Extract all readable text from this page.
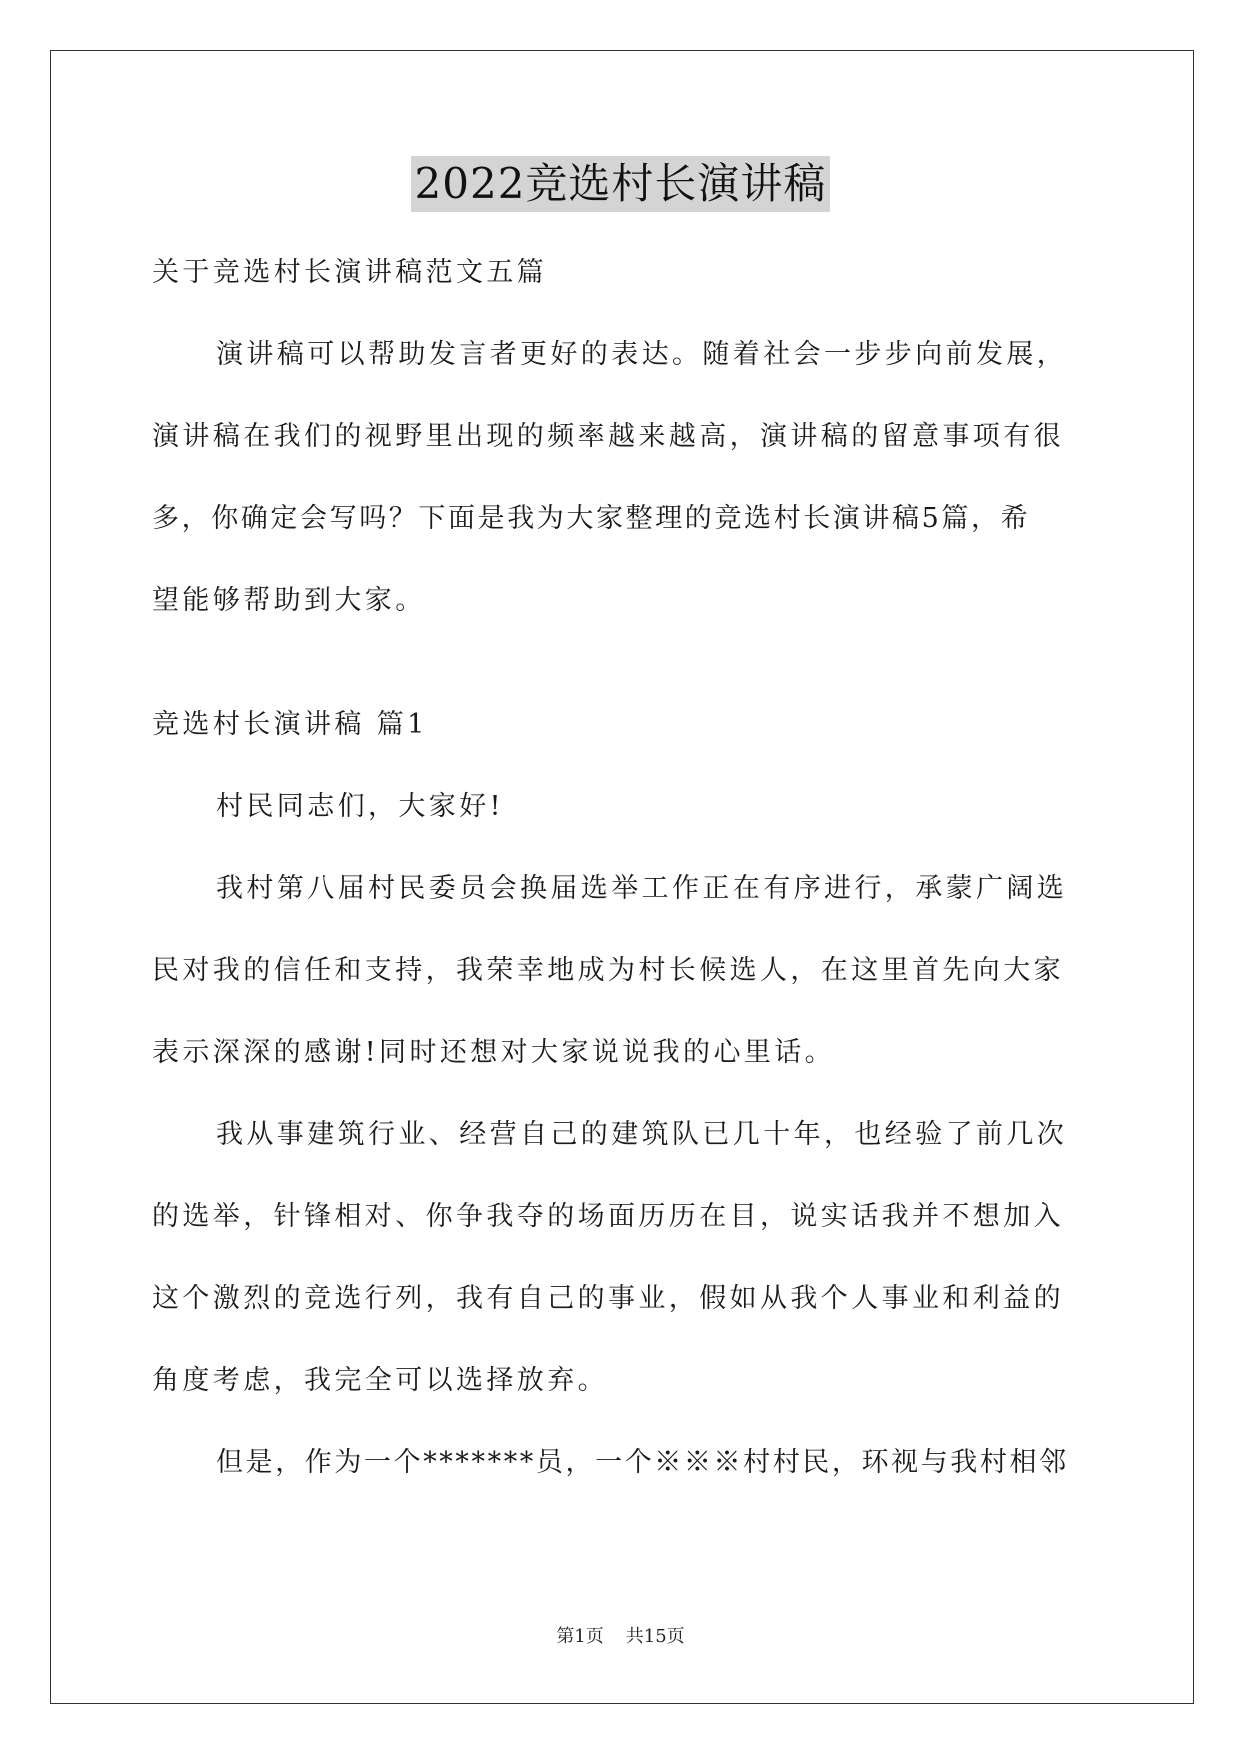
2022竞选村长演讲稿
关于竞选村长演讲稿范文五篇
演讲稿可以帮助发言者更好的表达。随着社会一步步向前发展，
演讲稿在我们的视野里出现的频率越来越高，演讲稿的留意事项有很
多，你确定会写吗？下面是我为大家整理的竞选村长演讲稿5篇，希
望能够帮助到大家。
竞选村长演讲稿 篇1
村民同志们，大家好!
我村第八届村民委员会换届选举工作正在有序进行，承蒙广阔选
民对我的信任和支持，我荣幸地成为村长候选人，在这里首先向大家
表示深深的感谢!同时还想对大家说说我的心里话。
我从事建筑行业、经营自己的建筑队已几十年，也经验了前几次
的选举，针锋相对、你争我夺的场面历历在目，说实话我并不想加入
这个激烈的竞选行列，我有自己的事业，假如从我个人事业和利益的
角度考虑，我完全可以选择放弃。
但是，作为一个*******员，一个※※※村村民，环视与我村相邻
第1页 共15页
